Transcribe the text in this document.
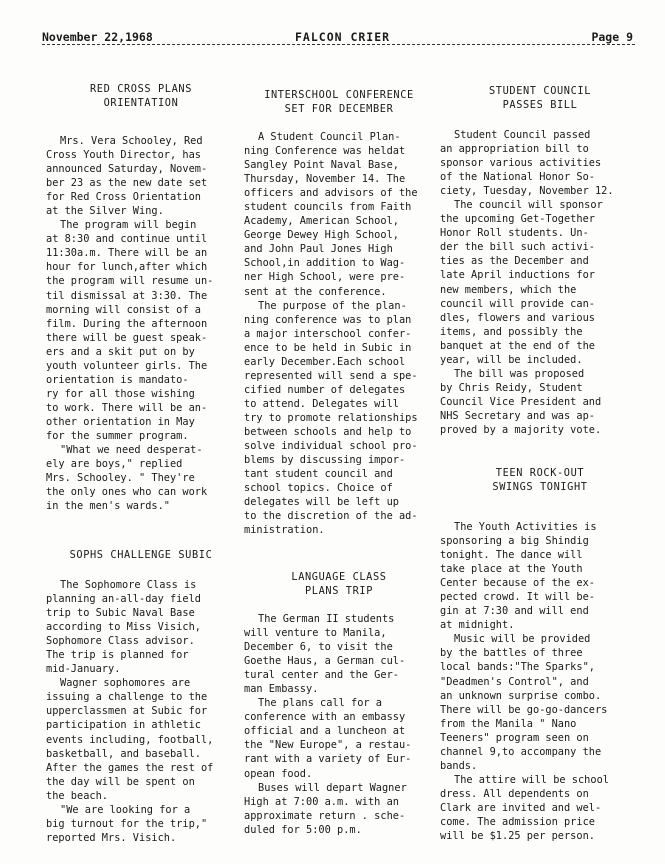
November 22,1968	FALCON CRIER	Page 9
RED CROSS PLANS
ORIENTATION

Mrs. Vera Schooley, Red
Cross Youth Director, has
announced Saturday, Novem-
ber 23 as the new date set
for Red Cross Orientation
at the Silver Wing.

The program will begin
at 8:30 and continue until
11:30a.m. There will be an
hour for lunch,after which
the program will resume un-
til dismissal at 3:30. The
morning will consist of a
film. During the afternoon
there will be guest speak-
ers and a skit put on by
youth volunteer girls. The
orientation is mandato-
ry for all those wishing
to work. There will be an-
other orientation in May
for the summer program.

"What we need desperat-
ely are boys," replied
Mrs. Schooley. " They're
the only ones who can work
in the men's wards."

SOPHS CHALLENGE SUBIC

The Sophomore Class is
planning an-all-day field
trip to Subic Naval Base
according to Miss Visich,
Sophomore Class advisor.
The trip is planned for
mid-January.

Wagner sophomores are
issuing a challenge to the
upperclassmen at Subic for
participation in athletic
events including, football,
basketball, and baseball.
After the games the rest of
the day will be spent on
the beach.

"We are looking for a
big turnout for the trip,"
reported Mrs. Visich.

INTERSCHOOL CONFERENCE
SET FOR DECEMBER

A Student Council Plan-
ning Conference was heldat
Sangley Point Naval Base,
Thursday, November 14. The
officers and advisors of the
student councils from Faith
Academy, American School,
George Dewey High School,
and John Paul Jones High
School,in addition to Wag-
ner High School, were pre-
sent at the conference.

The purpose of the plan-
ning conference was to plan
a major interschool confer-
ence to be held in Subic in
early December.Each school
represented will send a spe-
cified number of delegates
to attend. Delegates will
try to promote relationships
between schools and help to
solve individual school pro-
blems by discussing impor-
tant student council and
school topics. Choice of
delegates will be left up
to the discretion of the ad-
ministration.

LANGUAGE CLASS
PLANS TRIP

The German II students
will venture to Manila,
December 6, to visit the
Goethe Haus, a German cul-
tural center and the Ger-
man Embassy.

The plans call for a
conference with an embassy
official and a luncheon at
the "New Europe", a restau-
rant with a variety of Eur-
opean food.

Buses will depart Wagner
High at 7:00 a.m. with an
approximate return . sche-
duled for 5:00 p.m.

STUDENT COUNCIL
PASSES BILL

Student Council passed
an appropriation bill to
sponsor various activities
of the National Honor So-
ciety, Tuesday, November 12.

The council will sponsor
the upcoming Get-Together
Honor Roll students. Un-
der the bill such activi-
ties as the December and
late April inductions for
new members, which the
council will provide can-
dles, flowers and various
items, and possibly the
banquet at the end of the
year, will be included.

The bill was proposed
by Chris Reidy, Student
Council Vice President and
NHS Secretary and was ap-
proved by a majority vote.

TEEN ROCK-OUT
SWINGS TONIGHT

The Youth Activities is
sponsoring a big Shindig
tonight. The dance will
take place at the Youth
Center because of the ex-
pected crowd. It will be-
gin at 7:30 and will end
at midnight.

Music will be provided
by the battles of three
local bands:"The Sparks",
"Deadmen's Control", and
an unknown surprise combo.
There will be go-go-dancers
from the Manila " Nano
Teeners" program seen on
channel 9,to accompany the
bands.

The attire will be school
dress. All dependents on
Clark are invited and wel-
come. The admission price
will be $1.25 per person.
